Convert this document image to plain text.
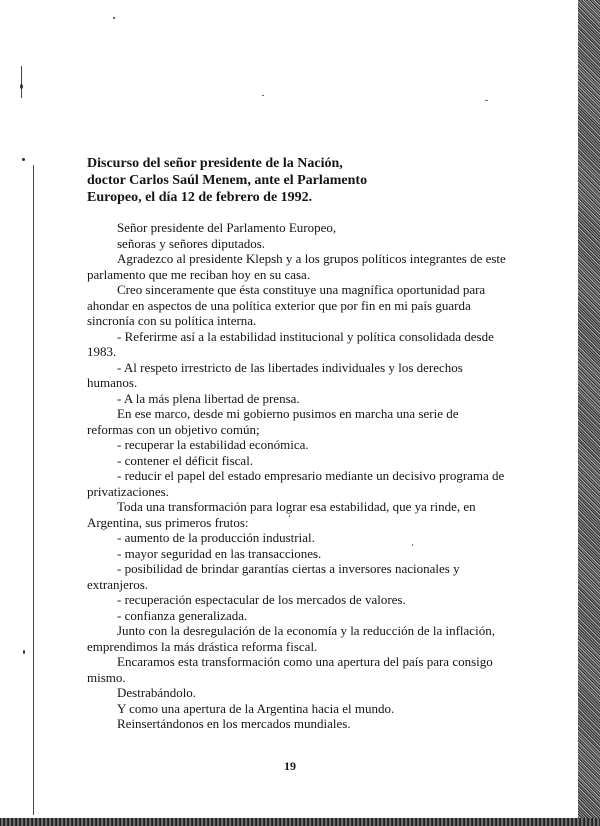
Discurso del señor presidente de la Nación,
doctor Carlos Saúl Menem, ante el Parlamento
Europeo, el día 12 de febrero de 1992.
Señor presidente del Parlamento Europeo,
señoras y señores diputados.
Agradezco al presidente Klepsh y a los grupos políticos integrantes de este
parlamento que me reciban hoy en su casa.
Creo sinceramente que ésta constituye una magnífica oportunidad para
ahondar en aspectos de una política exterior que por fin en mi país guarda
sincronía con su política interna.
- Referirme así a la estabilidad institucional y política consolidada desde
1983.
- Al respeto irrestricto de las libertades individuales y los derechos
humanos.
- A la más plena libertad de prensa.
En ese marco, desde mi gobierno pusimos en marcha una serie de
reformas con un objetivo común;
- recuperar la estabilidad económica.
- contener el déficit fiscal.
- reducir el papel del estado empresario mediante un decisivo programa de
privatizaciones.
Toda una transformación para lograr esa estabilidad, que ya rinde, en
Argentina, sus primeros frutos:
- aumento de la producción industrial.
- mayor seguridad en las transacciones.
- posibilidad de brindar garantías ciertas a inversores nacionales y
extranjeros.
- recuperación espectacular de los mercados de valores.
- confianza generalizada.
Junto con la desregulación de la economía y la reducción de la inflación,
emprendimos la más drástica reforma fiscal.
Encaramos esta transformación como una apertura del país para consigo
mismo.
Destrabándolo.
Y como una apertura de la Argentina hacia el mundo.
Reinsertándonos en los mercados mundiales.
19
